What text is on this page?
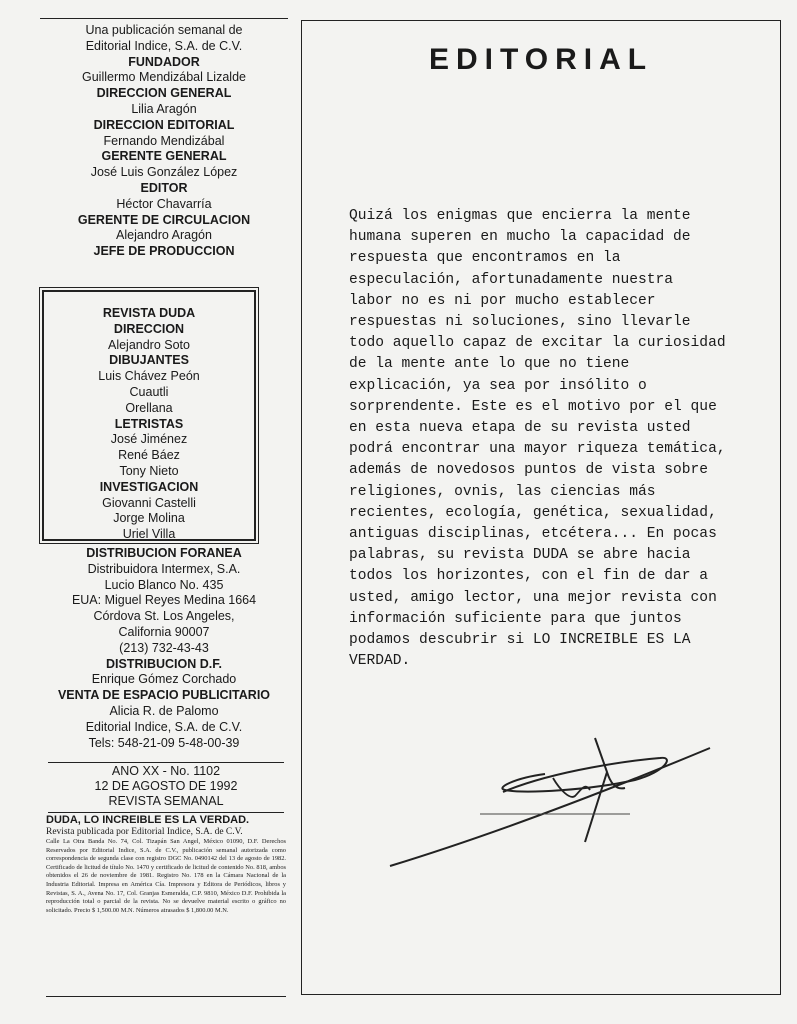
Una publicación semanal de
Editorial Indice, S.A. de C.V.
FUNDADOR
Guillermo Mendizábal Lizalde
DIRECCION GENERAL
Lilia Aragón
DIRECCION EDITORIAL
Fernando Mendizábal
GERENTE GENERAL
José Luis González López
EDITOR
Héctor Chavarría
GERENTE DE CIRCULACION
Alejandro Aragón
JEFE DE PRODUCCION
REVISTA DUDA
DIRECCION
Alejandro Soto
DIBUJANTES
Luis Chávez Peón
Cuautli
Orellana
LETRISTAS
José Jiménez
René Báez
Tony Nieto
INVESTIGACION
Giovanni Castelli
Jorge Molina
Uriel Villa
DISTRIBUCION FORANEA
Distribuidora Intermex, S.A.
Lucio Blanco No. 435
EUA: Miguel Reyes Medina 1664
Córdova St. Los Angeles,
California 90007
(213) 732-43-43
DISTRIBUCION D.F.
Enrique Gómez Corchado
VENTA DE ESPACIO PUBLICITARIO
Alicia R. de Palomo
Editorial Indice, S.A. de C.V.
Tels: 548-21-09 5-48-00-39
ANO XX - No. 1102
12 DE AGOSTO DE 1992
REVISTA SEMANAL
DUDA, LO INCREIBLE ES LA VERDAD.
Revista publicada por Editorial Indice, S.A. de C.V.
Calle La Otra Banda No. 74, Col. Tizapán San Angel, México 01090, D.F. Derechos Reservados por Editorial Indice, S.A. de C.V., publicación semanal autorizada como correspondencia de segunda clase con registro DGC No. 0490142 del 13 de agosto de 1982. Certificado de licitud de título No. 1470 y certificado de licitud de contenido No. 818, ambos obtenidos el 26 de noviembre de 1981. Registro No. 178 en la Cámara Nacional de la Industria Editorial. Impresa en América Cía. Impresora y Editora de Periódicos, libros y Revistas, S. A., Avena No. 17, Col. Granjas Esmeralda, C.P. 9810, México D.F. Prohibida la reproducción total o parcial de la revista. No se devuelve material escrito o gráfico no solicitado. Precio $ 1,500.00 M.N. Números atrasados $ 1,800.00 M.N.
EDITORIAL
Quizá los enigmas que encierra la mente
humana superen en mucho la capacidad de
respuesta que encontramos en la
especulación, afortunadamente nuestra
labor no es ni por mucho establecer
respuestas ni soluciones, sino llevarle
todo aquello capaz de excitar la curiosidad
de la mente ante lo que no tiene
explicación, ya sea por insólito o
sorprendente. Este es el motivo por el que
en esta nueva etapa de su revista usted
podrá encontrar una mayor riqueza temática,
además de novedosos puntos de vista sobre
religiones, ovnis, las ciencias más
recientes, ecología, genética, sexualidad,
antiguas disciplinas, etcétera... En pocas
palabras, su revista DUDA se abre hacia
todos los horizontes, con el fin de dar a
usted, amigo lector, una mejor revista con
información suficiente para que juntos
podamos descubrir si LO INCREIBLE ES LA
VERDAD.
